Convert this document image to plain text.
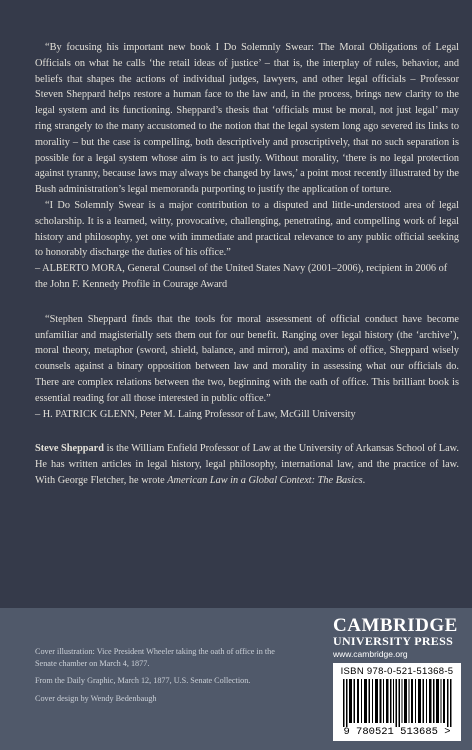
“By focusing his important new book I Do Solemnly Swear: The Moral Obligations of Legal Officials on what he calls ‘the retail ideas of justice’ – that is, the interplay of rules, behavior, and beliefs that shapes the actions of individual judges, lawyers, and other legal officials – Professor Steven Sheppard helps restore a human face to the law and, in the process, brings new clarity to the legal system and its functioning. Sheppard’s thesis that ‘officials must be moral, not just legal’ may ring strangely to the many accustomed to the notion that the legal system long ago severed its links to morality – but the case is compelling, both descriptively and proscriptively, that no such separation is possible for a legal system whose aim is to act justly. Without morality, ‘there is no legal protection against tyranny, because laws may always be changed by laws,’ a point most recently illustrated by the Bush administration’s legal memoranda purporting to justify the application of torture.

“I Do Solemnly Swear is a major contribution to a disputed and little-understood area of legal scholarship. It is a learned, witty, provocative, challenging, penetrating, and compelling work of legal history and philosophy, yet one with immediate and practical relevance to any public official seeking to honorably discharge the duties of his office.”

– ALBERTO MORA, General Counsel of the United States Navy (2001–2006), recipient in 2006 of the John F. Kennedy Profile in Courage Award

“Stephen Sheppard finds that the tools for moral assessment of official conduct have become unfamiliar and magisterially sets them out for our benefit. Ranging over legal history (the ‘archive’), moral theory, metaphor (sword, shield, balance, and mirror), and maxims of office, Sheppard wisely counsels against a binary opposition between law and morality in assessing what our officials do. There are complex relations between the two, beginning with the oath of office. This brilliant book is essential reading for all those interested in public office.”

– H. PATRICK GLENN, Peter M. Laing Professor of Law, McGill University

Steve Sheppard is the William Enfield Professor of Law at the University of Arkansas School of Law. He has written articles in legal history, legal philosophy, international law, and the practice of law. With George Fletcher, he wrote American Law in a Global Context: The Basics.

Cover illustration: Vice President Wheeler taking the oath of office in the Senate chamber on March 4, 1877.

From the Daily Graphic, March 12, 1877, U.S. Senate Collection.

Cover design by Wendy Bedenbaugh

CAMBRIDGE
UNIVERSITY PRESS
www.cambridge.org
ISBN 978-0-521-51368-5
9 780521 513685 >
